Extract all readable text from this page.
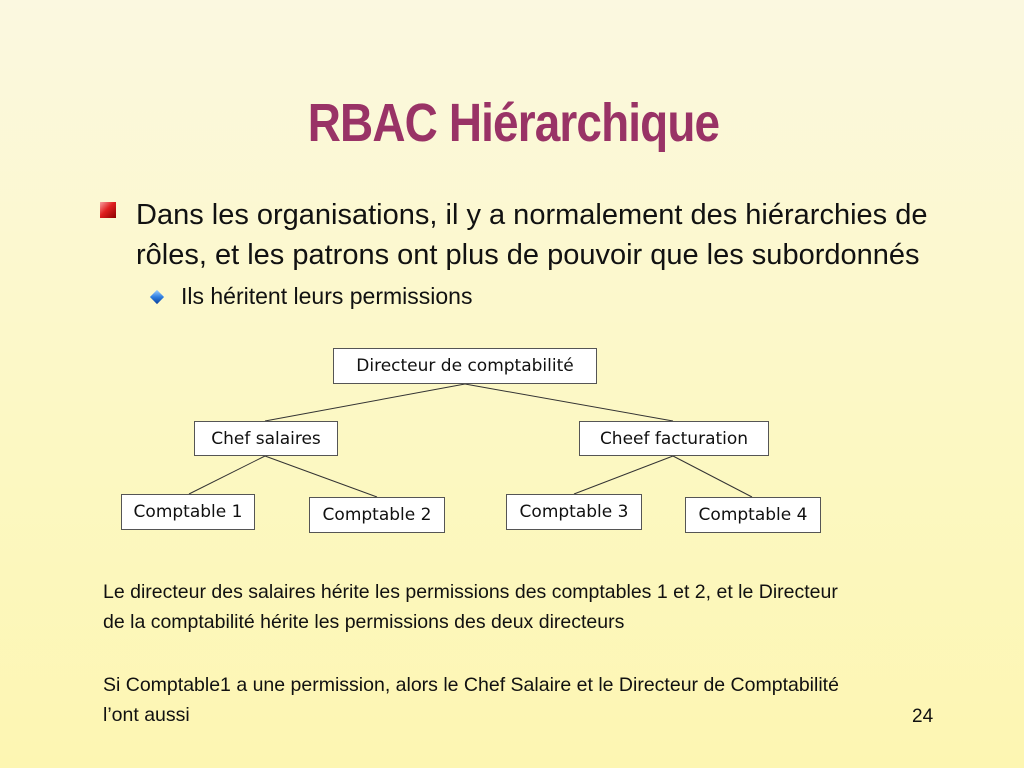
RBAC Hiérarchique
Dans les organisations, il y a normalement des hiérarchies de rôles, et les patrons ont plus de pouvoir que les subordonnés
Ils héritent leurs permissions
Directeur de comptabilité
Chef salaires	Cheef facturation
Comptable 1	Comptable 2	Comptable 3	Comptable 4
Le directeur des salaires hérite les permissions des comptables 1 et 2, et le Directeur de la comptabilité hérite les permissions des deux directeurs
Si Comptable1 a une permission, alors le Chef Salaire et le Directeur de Comptabilité l’ont aussi	24
